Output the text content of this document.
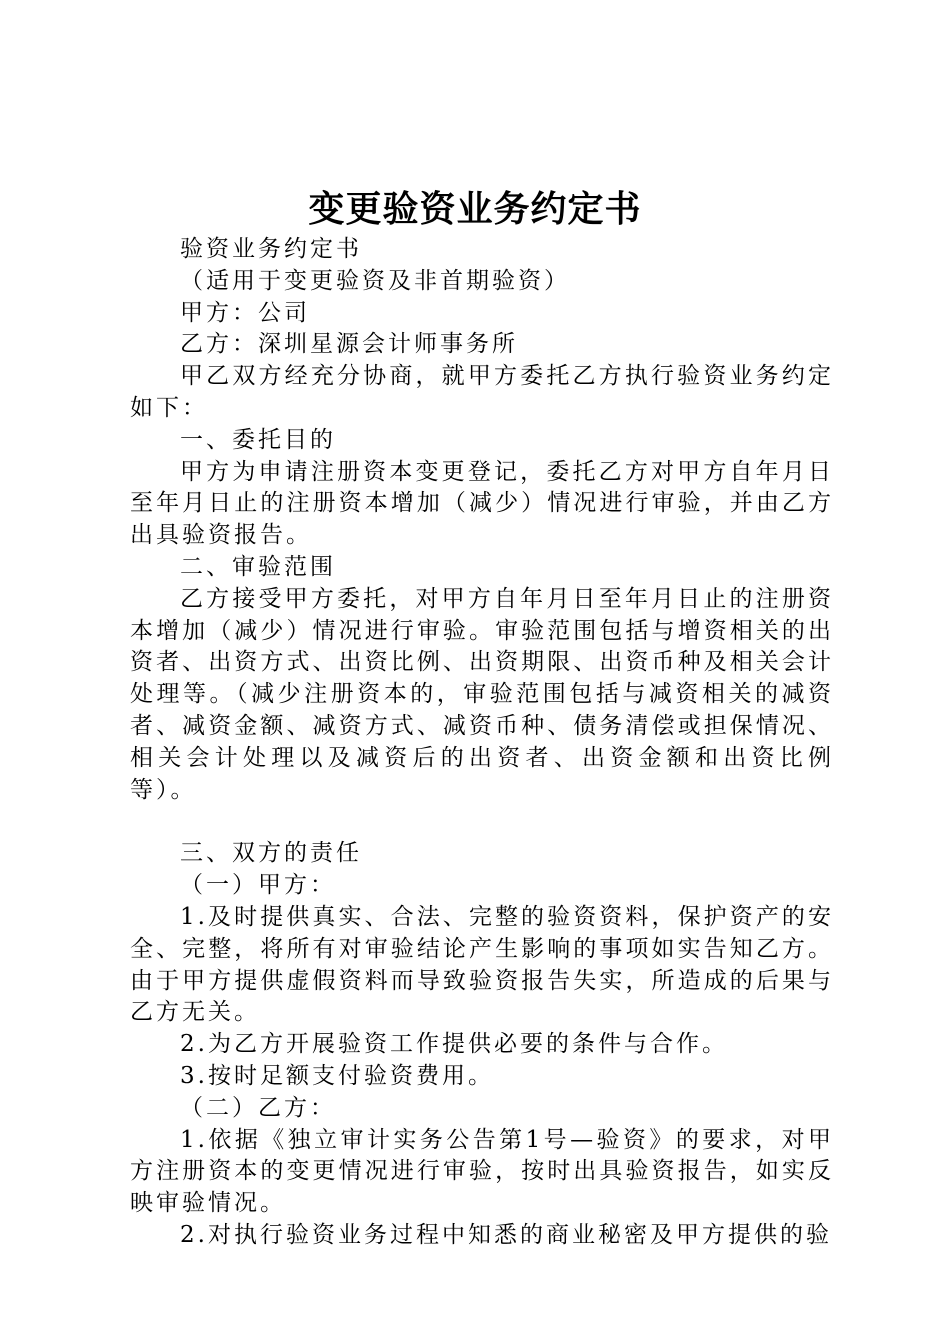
变更验资业务约定书

验资业务约定书

（适用于变更验资及非首期验资）

甲方：公司

乙方：深圳星源会计师事务所

甲乙双方经充分协商，就甲方委托乙方执行验资业务约定如下：

一、委托目的

甲方为申请注册资本变更登记，委托乙方对甲方自年月日至年月日止的注册资本增加（减少）情况进行审验，并由乙方出具验资报告。

二、审验范围

乙方接受甲方委托，对甲方自年月日至年月日止的注册资本增加（减少）情况进行审验。审验范围包括与增资相关的出资者、出资方式、出资比例、出资期限、出资币种及相关会计处理等。（减少注册资本的，审验范围包括与减资相关的减资者、减资金额、减资方式、减资币种、债务清偿或担保情况、相关会计处理以及减资后的出资者、出资金额和出资比例等）。

三、双方的责任

（一）甲方：

1.及时提供真实、合法、完整的验资资料，保护资产的安全、完整，将所有对审验结论产生影响的事项如实告知乙方。由于甲方提供虚假资料而导致验资报告失实，所造成的后果与乙方无关。

2.为乙方开展验资工作提供必要的条件与合作。

3.按时足额支付验资费用。

（二）乙方：

1.依据《独立审计实务公告第1号—验资》的要求，对甲方注册资本的变更情况进行审验，按时出具验资报告，如实反映审验情况。

2.对执行验资业务过程中知悉的商业秘密及甲方提供的验
